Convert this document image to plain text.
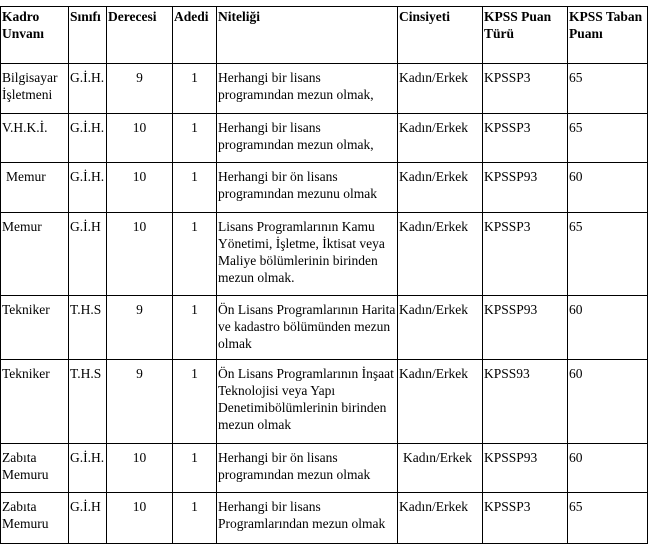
Kadro Unvanı	Sınıfı	Derecesi	Adedi	Niteliği	Cinsiyeti	KPSS Puan Türü	KPSS Taban Puanı
Bilgisayar İşletmeni	G.İ.H.	9	1	Herhangi bir lisans programından mezun olmak,	Kadın/Erkek	KPSSP3	65
V.H.K.İ.	G.İ.H.	10	1	Herhangi bir lisans programından mezun olmak,	Kadın/Erkek	KPSSP3	65
Memur	G.İ.H.	10	1	Herhangi bir ön lisans programından mezunu olmak	Kadın/Erkek	KPSSP93	60
Memur	G.İ.H	10	1	Lisans Programlarının Kamu Yönetimi, İşletme, İktisat veya Maliye bölümlerinin birinden mezun olmak.	Kadın/Erkek	KPSSP3	65
Tekniker	T.H.S	9	1	Ön Lisans Programlarının Harita ve kadastro bölümünden mezun olmak	Kadın/Erkek	KPSSP93	60
Tekniker	T.H.S	9	1	Ön Lisans Programlarının İnşaat Teknolojisi veya Yapı Denetimibölümlerinin birinden mezun olmak	Kadın/Erkek	KPSS93	60
Zabıta Memuru	G.İ.H.	10	1	Herhangi bir ön lisans programından mezun olmak	Kadın/Erkek	KPSSP93	60
Zabıta Memuru	G.İ.H	10	1	Herhangi bir lisans Programlarından mezun olmak	Kadın/Erkek	KPSSP3	65
